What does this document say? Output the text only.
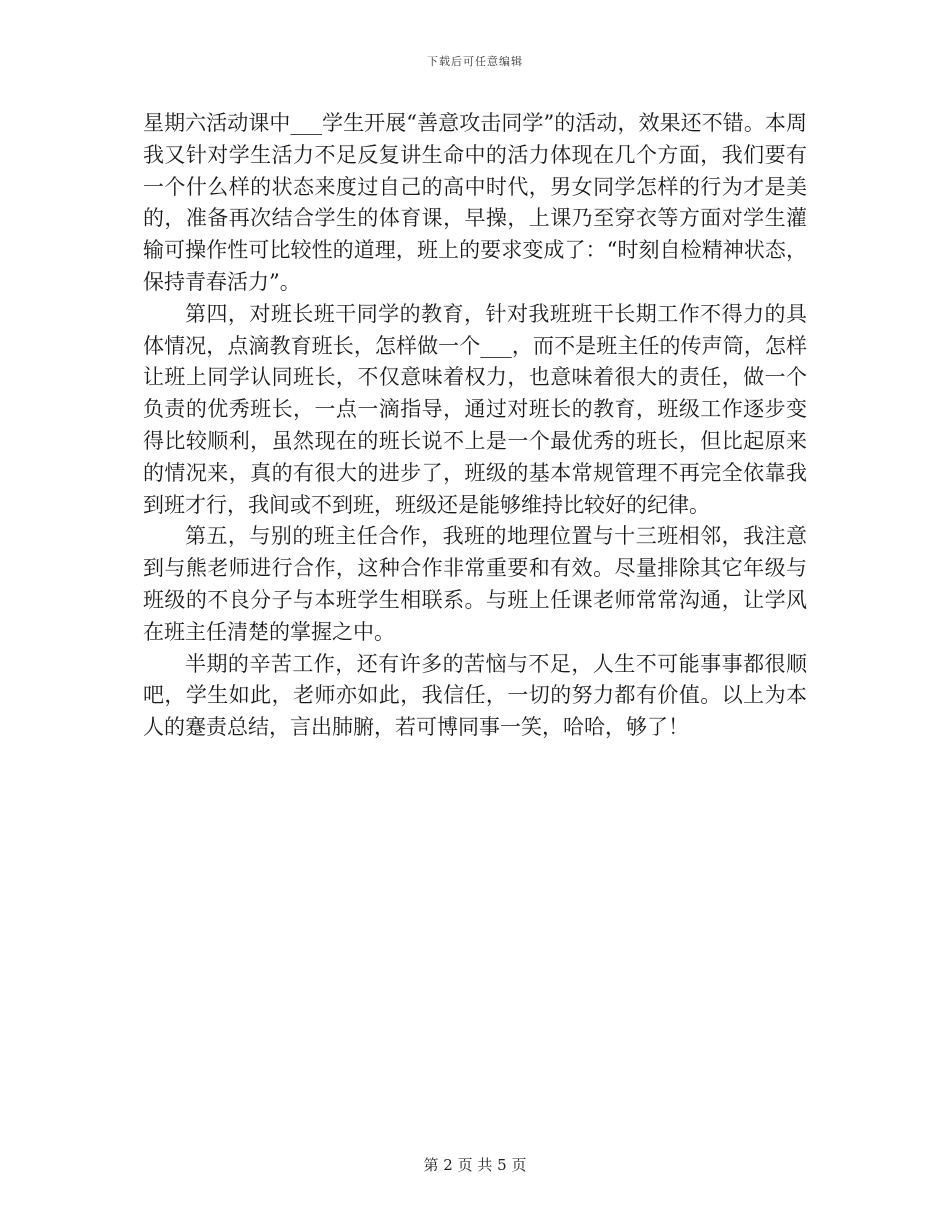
下载后可任意编辑

星期六活动课中___学生开展“善意攻击同学”的活动，效果还不错。本周我又针对学生活力不足反复讲生命中的活力体现在几个方面，我们要有一个什么样的状态来度过自己的高中时代，男女同学怎样的行为才是美的，准备再次结合学生的体育课，早操，上课乃至穿衣等方面对学生灌输可操作性可比较性的道理，班上的要求变成了：“时刻自检精神状态，保持青春活力”。

第四，对班长班干同学的教育，针对我班班干长期工作不得力的具体情况，点滴教育班长，怎样做一个___，而不是班主任的传声筒，怎样让班上同学认同班长，不仅意味着权力，也意味着很大的责任，做一个负责的优秀班长，一点一滴指导，通过对班长的教育，班级工作逐步变得比较顺利，虽然现在的班长说不上是一个最优秀的班长，但比起原来的情况来，真的有很大的进步了，班级的基本常规管理不再完全依靠我到班才行，我间或不到班，班级还是能够维持比较好的纪律。

第五，与别的班主任合作，我班的地理位置与十三班相邻，我注意到与熊老师进行合作，这种合作非常重要和有效。尽量排除其它年级与班级的不良分子与本班学生相联系。与班上任课老师常常沟通，让学风在班主任清楚的掌握之中。

半期的辛苦工作，还有许多的苦恼与不足，人生不可能事事都很顺吧，学生如此，老师亦如此，我信任，一切的努力都有价值。以上为本人的蹇责总结，言出肺腑，若可博同事一笑，哈哈，够了！

第 2 页 共 5 页
